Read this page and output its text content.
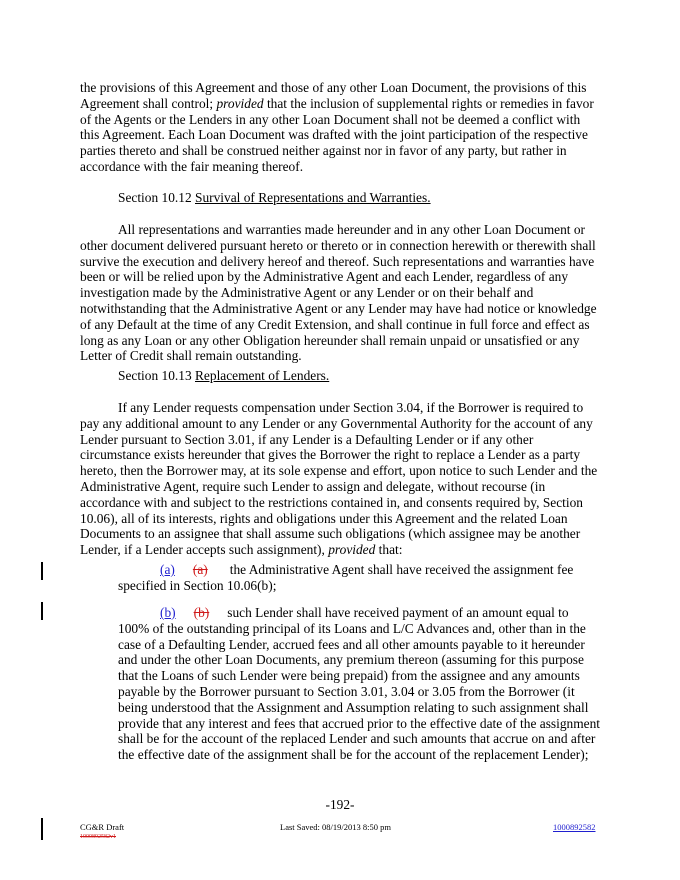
the provisions of this Agreement and those of any other Loan Document, the provisions of this Agreement shall control; provided that the inclusion of supplemental rights or remedies in favor of the Agents or the Lenders in any other Loan Document shall not be deemed a conflict with this Agreement. Each Loan Document was drafted with the joint participation of the respective parties thereto and shall be construed neither against nor in favor of any party, but rather in accordance with the fair meaning thereof.

Section 10.12 Survival of Representations and Warranties.

All representations and warranties made hereunder and in any other Loan Document or other document delivered pursuant hereto or thereto or in connection herewith or therewith shall survive the execution and delivery hereof and thereof. Such representations and warranties have been or will be relied upon by the Administrative Agent and each Lender, regardless of any investigation made by the Administrative Agent or any Lender or on their behalf and notwithstanding that the Administrative Agent or any Lender may have had notice or knowledge of any Default at the time of any Credit Extension, and shall continue in full force and effect as long as any Loan or any other Obligation hereunder shall remain unpaid or unsatisfied or any Letter of Credit shall remain outstanding.

Section 10.13 Replacement of Lenders.

If any Lender requests compensation under Section 3.04, if the Borrower is required to pay any additional amount to any Lender or any Governmental Authority for the account of any Lender pursuant to Section 3.01, if any Lender is a Defaulting Lender or if any other circumstance exists hereunder that gives the Borrower the right to replace a Lender as a party hereto, then the Borrower may, at its sole expense and effort, upon notice to such Lender and the Administrative Agent, require such Lender to assign and delegate, without recourse (in accordance with and subject to the restrictions contained in, and consents required by, Section 10.06), all of its interests, rights and obligations under this Agreement and the related Loan Documents to an assignee that shall assume such obligations (which assignee may be another Lender, if a Lender accepts such assignment), provided that:

(a) (a) the Administrative Agent shall have received the assignment fee specified in Section 10.06(b);

(b) (b) such Lender shall have received payment of an amount equal to 100% of the outstanding principal of its Loans and L/C Advances and, other than in the case of a Defaulting Lender, accrued fees and all other amounts payable to it hereunder and under the other Loan Documents, any premium thereon (assuming for this purpose that the Loans of such Lender were being prepaid) from the assignee and any amounts payable by the Borrower pursuant to Section 3.01, 3.04 or 3.05 from the Borrower (it being understood that the Assignment and Assumption relating to such assignment shall provide that any interest and fees that accrued prior to the effective date of the assignment shall be for the account of the replaced Lender and such amounts that accrue on and after the effective date of the assignment shall be for the account of the replacement Lender);

-192-
CG&R Draft
1000892582v1
Last Saved: 08/19/2013 8:50 pm	1000892582
